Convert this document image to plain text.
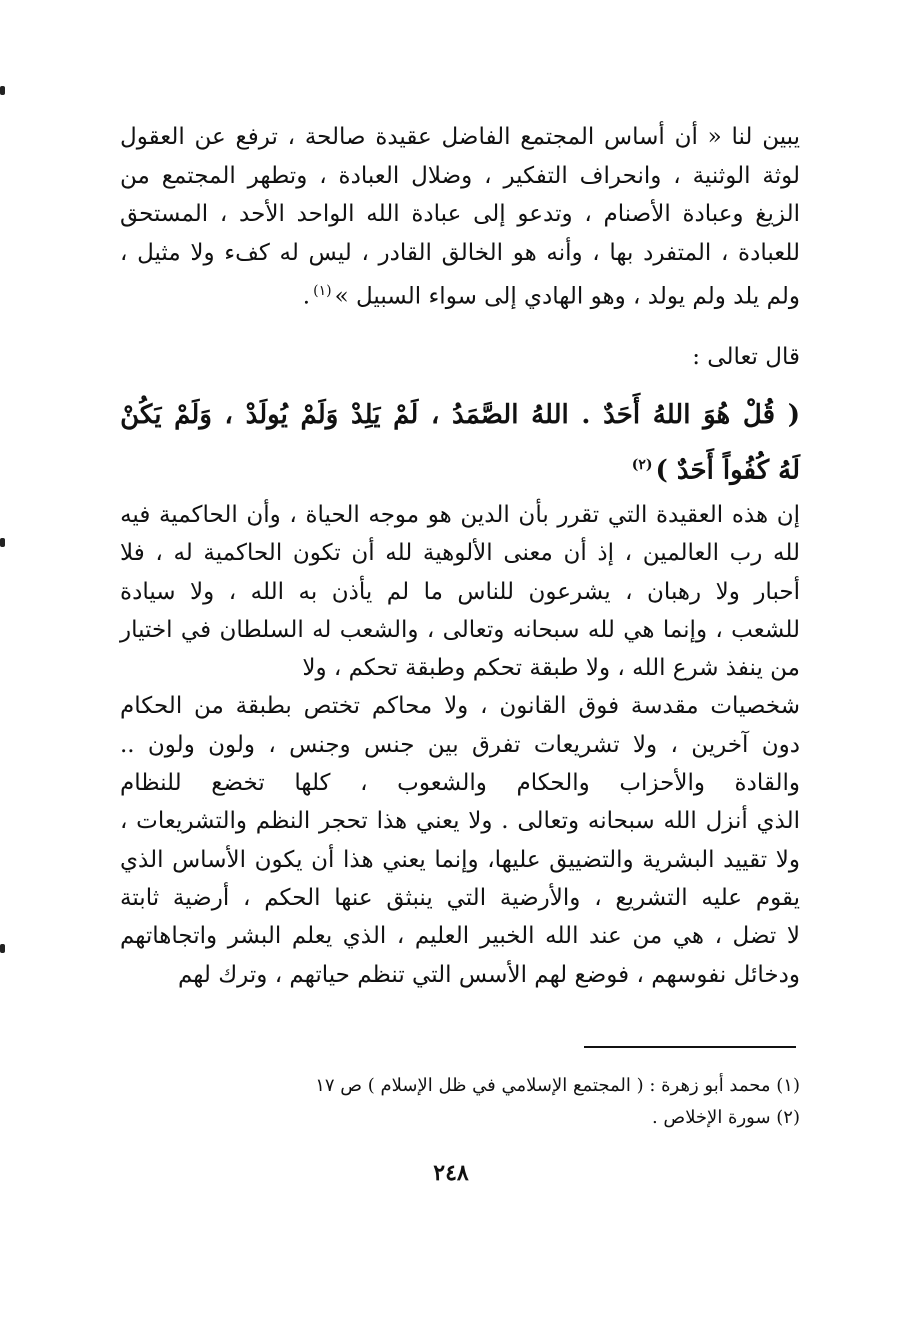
يبين لنا « أن أساس المجتمع الفاضل عقيدة صالحة ، ترفع عن العقول
لوثة الوثنية ، وانحراف التفكير ، وضلال العبادة ، وتطهر المجتمع من
الزيغ وعبادة الأصنام ، وتدعو إلى عبادة الله الواحد الأحد ، المستحق
للعبادة ، المتفرد بها ، وأنه هو الخالق القادر ، ليس له كفء ولا مثيل ،
ولم يلد ولم يولد ، وهو الهادي إلى سواء السبيل »$^{(١)}$.
قال تعالى :
( قُلْ هُوَ اللهُ أَحَدٌ . اللهُ الصَّمَدُ ، لَمْ يَلِدْ وَلَمْ يُولَدْ ، وَلَمْ يَكُنْ
لَهُ كُفُواً أَحَدٌ )$^{(٢)}$
إن هذه العقيدة التي تقرر بأن الدين هو موجه الحياة ، وأن الحاكمية فيه
لله رب العالمين ، إذ أن معنى الألوهية لله أن تكون الحاكمية له ، فلا
أحبار ولا رهبان ، يشرعون للناس ما لم يأذن به الله ، ولا سيادة
للشعب ، وإنما هي لله سبحانه وتعالى ، والشعب له السلطان في اختيار
من ينفذ شرع الله ، ولا طبقة تحكم وطبقة تحكم ، ولا
شخصيات مقدسة فوق القانون ، ولا محاكم تختص بطبقة من الحكام
دون آخرين ، ولا تشريعات تفرق بين جنس وجنس ، ولون ولون ..
والقادة والأحزاب والحكام والشعوب ، كلها تخضع للنظام
الذي أنزل الله سبحانه وتعالى . ولا يعني هذا تحجر النظم والتشريعات ،
ولا تقييد البشرية والتضييق عليها، وإنما يعني هذا أن يكون الأساس الذي
يقوم عليه التشريع ، والأرضية التي ينبثق عنها الحكم ، أرضية ثابتة
لا تضل ، هي من عند الله الخبير العليم ، الذي يعلم البشر واتجاهاتهم
ودخائل نفوسهم ، فوضع لهم الأسس التي تنظم حياتهم ، وترك لهم
(١) محمد أبو زهرة : ( المجتمع الإسلامي في ظل الإسلام ) ص ١٧
(٢) سورة الإخلاص .
٢٤٨
